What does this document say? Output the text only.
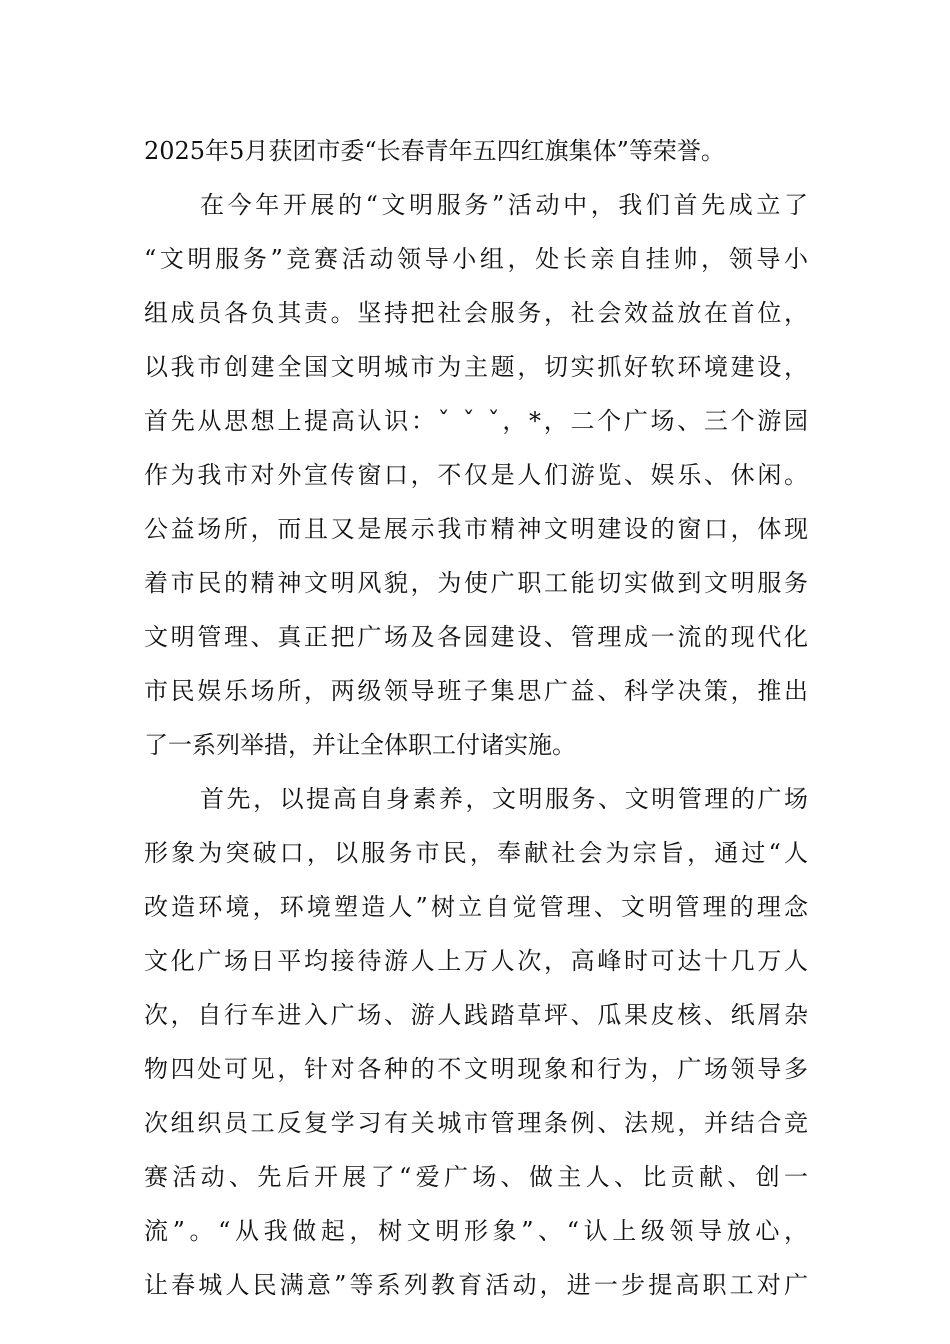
2025年5月获团市委“长春青年五四红旗集体”等荣誉。
在今年开展的“文明服务”活动中，我们首先成立了
“文明服务”竞赛活动领导小组，处长亲自挂帅，领导小
组成员各负其责。坚持把社会服务，社会效益放在首位，
以我市创建全国文明城市为主题，切实抓好软环境建设，
首先从思想上提高认识：ˇ ˇ ˇ，*，二个广场、三个游园
作为我市对外宣传窗口，不仅是人们游览、娱乐、休闲。
公益场所，而且又是展示我市精神文明建设的窗口，体现
着市民的精神文明风貌，为使广职工能切实做到文明服务
文明管理、真正把广场及各园建设、管理成一流的现代化
市民娱乐场所，两级领导班子集思广益、科学决策，推出
了一系列举措，并让全体职工付诸实施。
首先，以提高自身素养，文明服务、文明管理的广场
形象为突破口，以服务市民，奉献社会为宗旨，通过“人
改造环境，环境塑造人”树立自觉管理、文明管理的理念
文化广场日平均接待游人上万人次，高峰时可达十几万人
次，自行车进入广场、游人践踏草坪、瓜果皮核、纸屑杂
物四处可见，针对各种的不文明现象和行为，广场领导多
次组织员工反复学习有关城市管理条例、法规，并结合竞
赛活动、先后开展了“爱广场、做主人、比贡献、创一
流”。“从我做起，树文明形象”、“认上级领导放心，
让春城人民满意”等系列教育活动，进一步提高职工对广
